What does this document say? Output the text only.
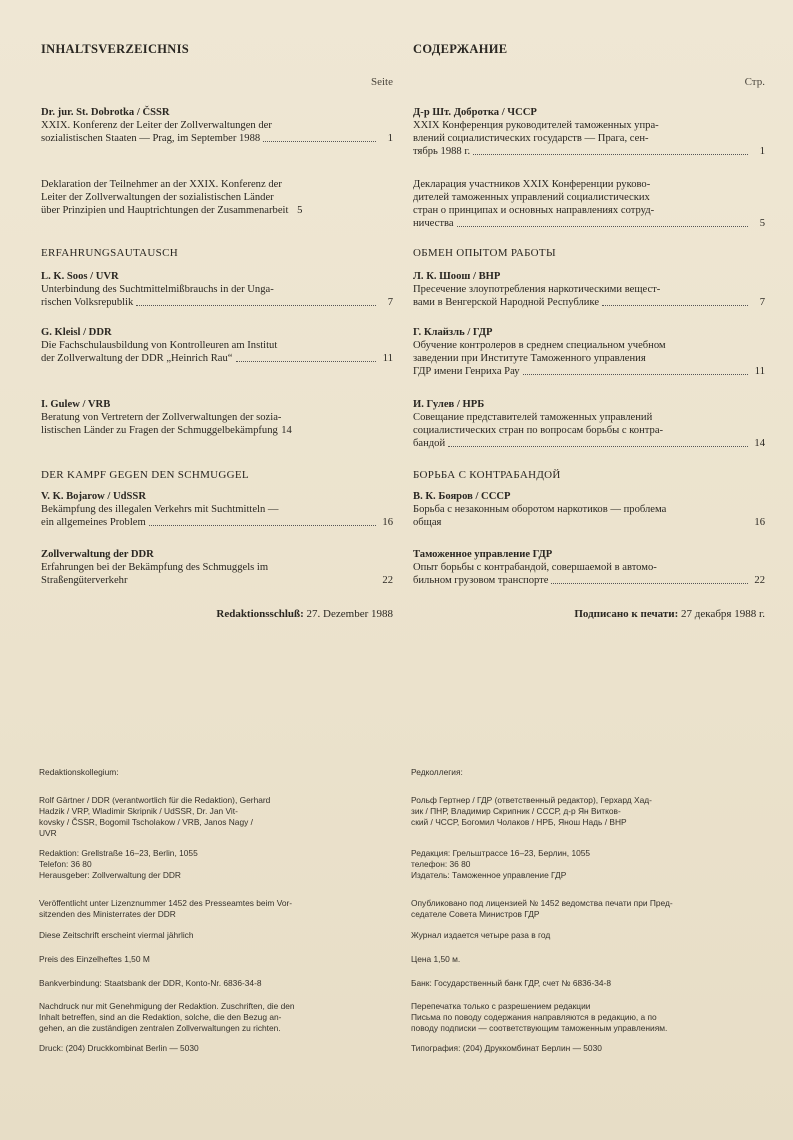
INHALTSVERZEICHNIS
Seite
СОДЕРЖАНИЕ
Стр.
Dr. jur. St. Dobrotka / ČSSR
XXIX. Konferenz der Leiter der Zollverwaltungen der
sozialistischen Staaten — Prag, im September 1988	1
Deklaration der Teilnehmer an der XXIX. Konferenz der
Leiter der Zollverwaltungen der sozialistischen Länder
über Prinzipien und Hauptrichtungen der Zusammenarbeit 5
ERFAHRUNGSAUTAUSCH
L. K. Soos / UVR
Unterbindung des Suchtmittelmißbrauchs in der Unga-
rischen Volksrepublik	7
G. Kleisl / DDR
Die Fachschulausbildung von Kontrolleuren am Institut
der Zollverwaltung der DDR „Heinrich Rau“	11
I. Gulew / VRB
Beratung von Vertretern der Zollverwaltungen der sozia-
listischen Länder zu Fragen der Schmuggelbekämpfung 14
DER KAMPF GEGEN DEN SCHMUGGEL
V. K. Bojarow / UdSSR
Bekämpfung des illegalen Verkehrs mit Suchtmitteln —
ein allgemeines Problem	16
Zollverwaltung der DDR
Erfahrungen bei der Bekämpfung des Schmuggels im
Straßengüterverkehr	22
Redaktionsschluß: 27. Dezember 1988
Д-р Шт. Добротка / ЧССР
XXIX Конференция руководителей таможенных упра-
влений социалистических государств — Прага, сен-
тябрь 1988 г.	1
Декларация участников XXIX Конференции руково-
дителей таможенных управлений социалистических
стран о принципах и основных направлениях сотруд-
ничества	5
ОБМЕН ОПЫТОМ РАБОТЫ
Л. К. Шоош / ВНР
Пресечение злоупотребления наркотическими вещест-
вами в Венгерской Народной Республике	7
Г. Клайзль / ГДР
Обучение контролеров в среднем специальном учебном
заведении при Институте Таможенного управления
ГДР имени Генриха Рау	11
И. Гулев / НРБ
Совещание представителей таможенных управлений
социалистических стран по вопросам борьбы с контра-
бандой	14
БОРЬБА С КОНТРАБАНДОЙ
В. К. Бояров / СССР
Борьба с незаконным оборотом наркотиков — проблема
общая	16
Таможенное управление ГДР
Опыт борьбы с контрабандой, совершаемой в автомо-
бильном грузовом транспорте	22
Подписано к печати: 27 декабря 1988 г.
Redaktionskollegium:
Rolf Gärtner / DDR (verantwortlich für die Redaktion), Gerhard
Hadzik / VRP, Wladimir Skripnik / UdSSR, Dr. Jan Vit-
kovsky / ČSSR, Bogomil Tscholakow / VRB, Janos Nagy /
UVR
Redaktion: Grellstraße 16–23, Berlin, 1055
Telefon: 36 80
Herausgeber: Zollverwaltung der DDR
Veröffentlicht unter Lizenznummer 1452 des Presseamtes beim Vor-
sitzenden des Ministerrates der DDR
Diese Zeitschrift erscheint viermal jährlich
Preis des Einzelheftes 1,50 M
Bankverbindung: Staatsbank der DDR, Konto-Nr. 6836-34-8
Nachdruck nur mit Genehmigung der Redaktion. Zuschriften, die den
Inhalt betreffen, sind an die Redaktion, solche, die den Bezug an-
gehen, an die zuständigen zentralen Zollverwaltungen zu richten.
Druck: (204) Druckkombinat Berlin — 5030
Редколлегия:
Рольф Гертнер / ГДР (ответственный редактор), Герхард Хад-
зик / ПНР, Владимир Скрипник / СССР, д-р Ян Витков-
ский / ЧССР, Богомил Чолаков / НРБ, Янош Надь / ВНР
Редакция: Грельштрассе 16–23, Берлин, 1055
телефон: 36 80
Издатель: Таможенное управление ГДР
Опубликовано под лицензией № 1452 ведомства печати при Пред-
седателе Совета Министров ГДР
Журнал издается четыре раза в год
Цена 1,50 м.
Банк: Государственный банк ГДР, счет № 6836-34-8
Перепечатка только с разрешением редакции
Письма по поводу содержания направляются в редакцию, а по
поводу подписки — соответствующим таможенным управлениям.
Типография: (204) Друккомбинат Берлин — 5030
